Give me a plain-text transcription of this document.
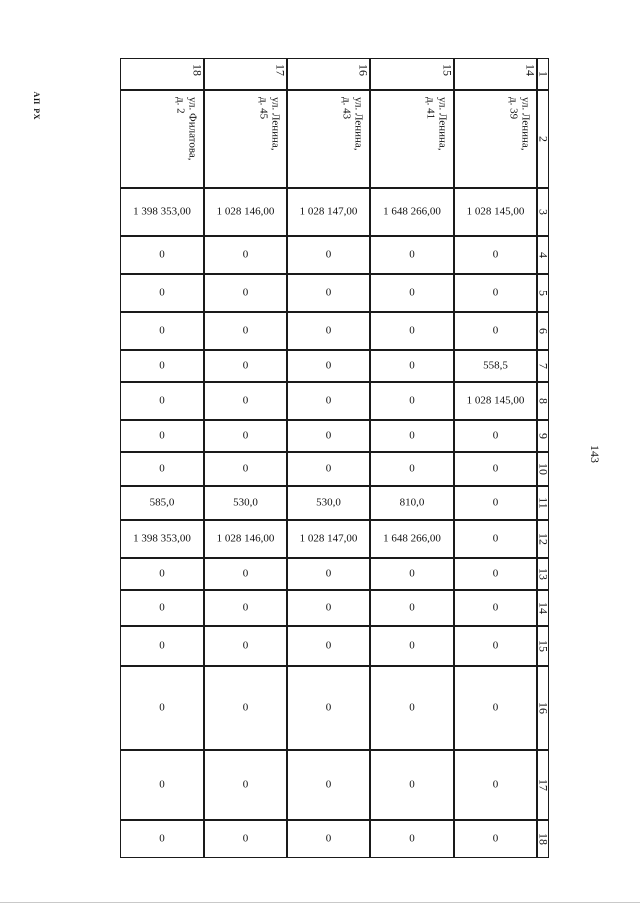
АП РХ
143
1
2
3
4
5
6
7
8
9
10
11
12
13
14
15
16
17
18
14
ул. Ленина,
д. 39
1 028 145,00
0
0
0
558,5
1 028 145,00
0
0
0
0
0
0
0
0
0
0
15
ул. Ленина,
д. 41
1 648 266,00
0
0
0
0
0
0
0
810,0
1 648 266,00
0
0
0
0
0
0
16
ул. Ленина,
д. 43
1 028 147,00
0
0
0
0
0
0
0
530,0
1 028 147,00
0
0
0
0
0
0
17
ул. Ленина,
д. 45
1 028 146,00
0
0
0
0
0
0
0
530,0
1 028 146,00
0
0
0
0
0
0
18
ул. Филатова,
д. 2
1 398 353,00
0
0
0
0
0
0
0
585,0
1 398 353,00
0
0
0
0
0
0
